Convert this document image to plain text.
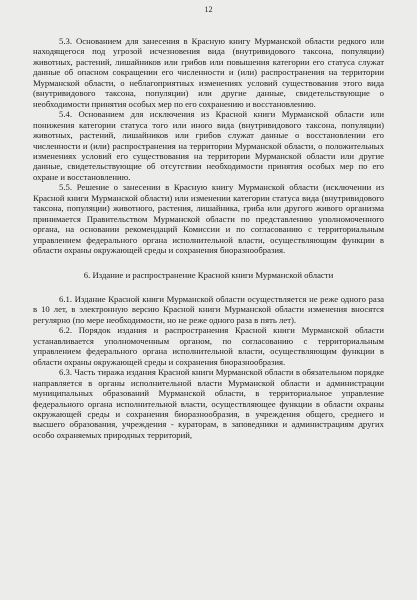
12

5.3. Основанием для занесения в Красную книгу Мурманской области редкого или находящегося под угрозой исчезновения вида (внутривидового таксона, популяции) животных, растений, лишайников или грибов или повышения категории его статуса служат данные об опасном сокращении его численности и (или) распространения на территории Мурманской области, о неблагоприятных изменениях условий существования этого вида (внутривидового таксона, популяции) или другие данные, свидетельствующие о необходимости принятия особых мер по его сохранению и восстановлению.

5.4. Основанием для исключения из Красной книги Мурманской области или понижения категории статуса того или иного вида (внутривидового таксона, популяции) животных, растений, лишайников или грибов служат данные о восстановлении его численности и (или) распространения на территории Мурманской области, о положительных изменениях условий его существования на территории Мурманской области или другие данные, свидетельствующие об отсутствии необходимости принятия особых мер по его охране и восстановлению.

5.5. Решение о занесении в Красную книгу Мурманской области (исключении из Красной книги Мурманской области) или изменении категории статуса вида (внутривидового таксона, популяции) животного, растения, лишайника, гриба или другого живого организма принимается Правительством Мурманской области по представлению уполномоченного органа, на основании рекомендаций Комиссии и по согласованию с территориальным управлением федерального органа исполнительной власти, осуществляющим функции в области охраны окружающей среды и сохранения биоразнообразия.

6. Издание и распространение Красной книги Мурманской области

6.1. Издание Красной книги Мурманской области осуществляется не реже одного раза в 10 лет, в электронную версию Красной книги Мурманской области изменения вносятся регулярно (по мере необходимости, но не реже одного раза в пять лет).

6.2. Порядок издания и распространения Красной книги Мурманской области устанавливается уполномоченным органом, по согласованию с территориальным управлением федерального органа исполнительной власти, осуществляющим функции в области охраны окружающей среды и сохранения биоразнообразия.

6.3. Часть тиража издания Красной книги Мурманской области в обязательном порядке направляется в органы исполнительной власти Мурманской области и администрации муниципальных образований Мурманской области, в территориальное управление федерального органа исполнительной власти, осуществляющее функции в области охраны окружающей среды и сохранения биоразнообразия, в учреждения общего, среднего и высшего образования, учреждения - кураторам, в заповедники и администрациям других особо охраняемых природных территорий,
